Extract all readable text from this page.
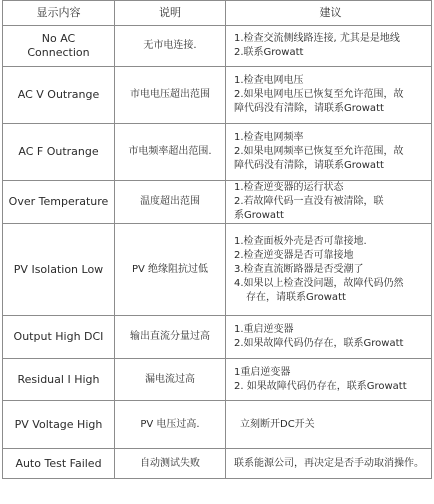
显示内容	说明	建议

No AC
Connection	无市电连接.	1.检查交流侧线路连接, 尤其是是地线
2.联系Growatt

AC V Outrange	市电电压超出范围	1.检查电网电压
2.如果电网电压已恢复至允许范围，故
障代码没有清除，请联系Growatt

AC F Outrange	市电频率超出范围.	1.检查电网频率
2.如果电网频率已恢复至允许范围，故
障代码没有清除，请联系Growatt

Over Temperature	温度超出范围	1.检查逆变器的运行状态
2.若故障代码一直没有被清除，联
系Growatt

PV Isolation Low	PV 绝缘阻抗过低	1.检查面板外壳是否可靠接地.
2.检查逆变器是否可靠接地
3.检查直流断路器是否受潮了
4.如果以上检查没问题，故障代码仍然
存在，请联系Growatt

Output High DCI	输出直流分量过高	1.重启逆变器
2.如果故障代码仍存在，联系Growatt

Residual I High	漏电流过高	1重启逆变器
2. 如果故障代码仍存在，联系Growatt

PV Voltage High	PV 电压过高.	立刻断开DC开关
Auto Test Failed	自动测试失败	联系能源公司，再决定是否手动取消操作。
